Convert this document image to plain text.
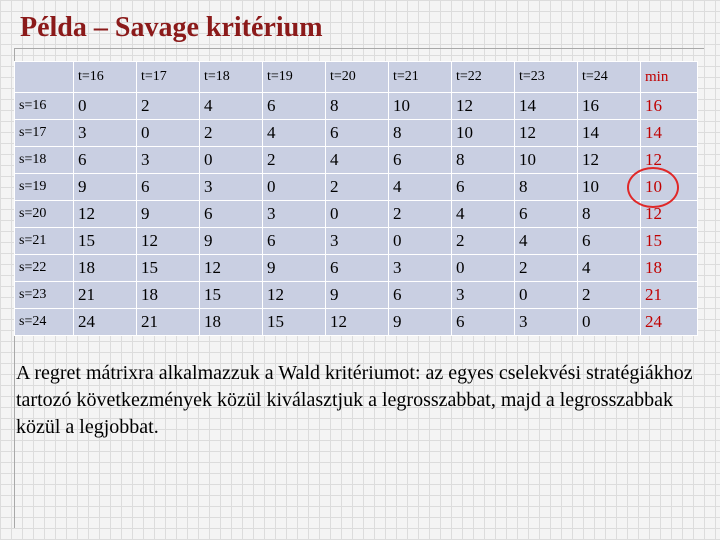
Példa – Savage kritérium
	t=16	t=17	t=18	t=19	t=20	t=21	t=22	t=23	t=24	min
s=16	0	2	4	6	8	10	12	14	16	16
s=17	3	0	2	4	6	8	10	12	14	14
s=18	6	3	0	2	4	6	8	10	12	12
s=19	9	6	3	0	2	4	6	8	10	10
s=20	12	9	6	3	0	2	4	6	8	12
s=21	15	12	9	6	3	0	2	4	6	15
s=22	18	15	12	9	6	3	0	2	4	18
s=23	21	18	15	12	9	6	3	0	2	21
s=24	24	21	18	15	12	9	6	3	0	24
A regret mátrixra alkalmazzuk a Wald kritériumot: az egyes cselekvési stratégiákhoz tartozó következmények közül kiválasztjuk a legrosszabbat, majd a legrosszabbak közül a legjobbat.
